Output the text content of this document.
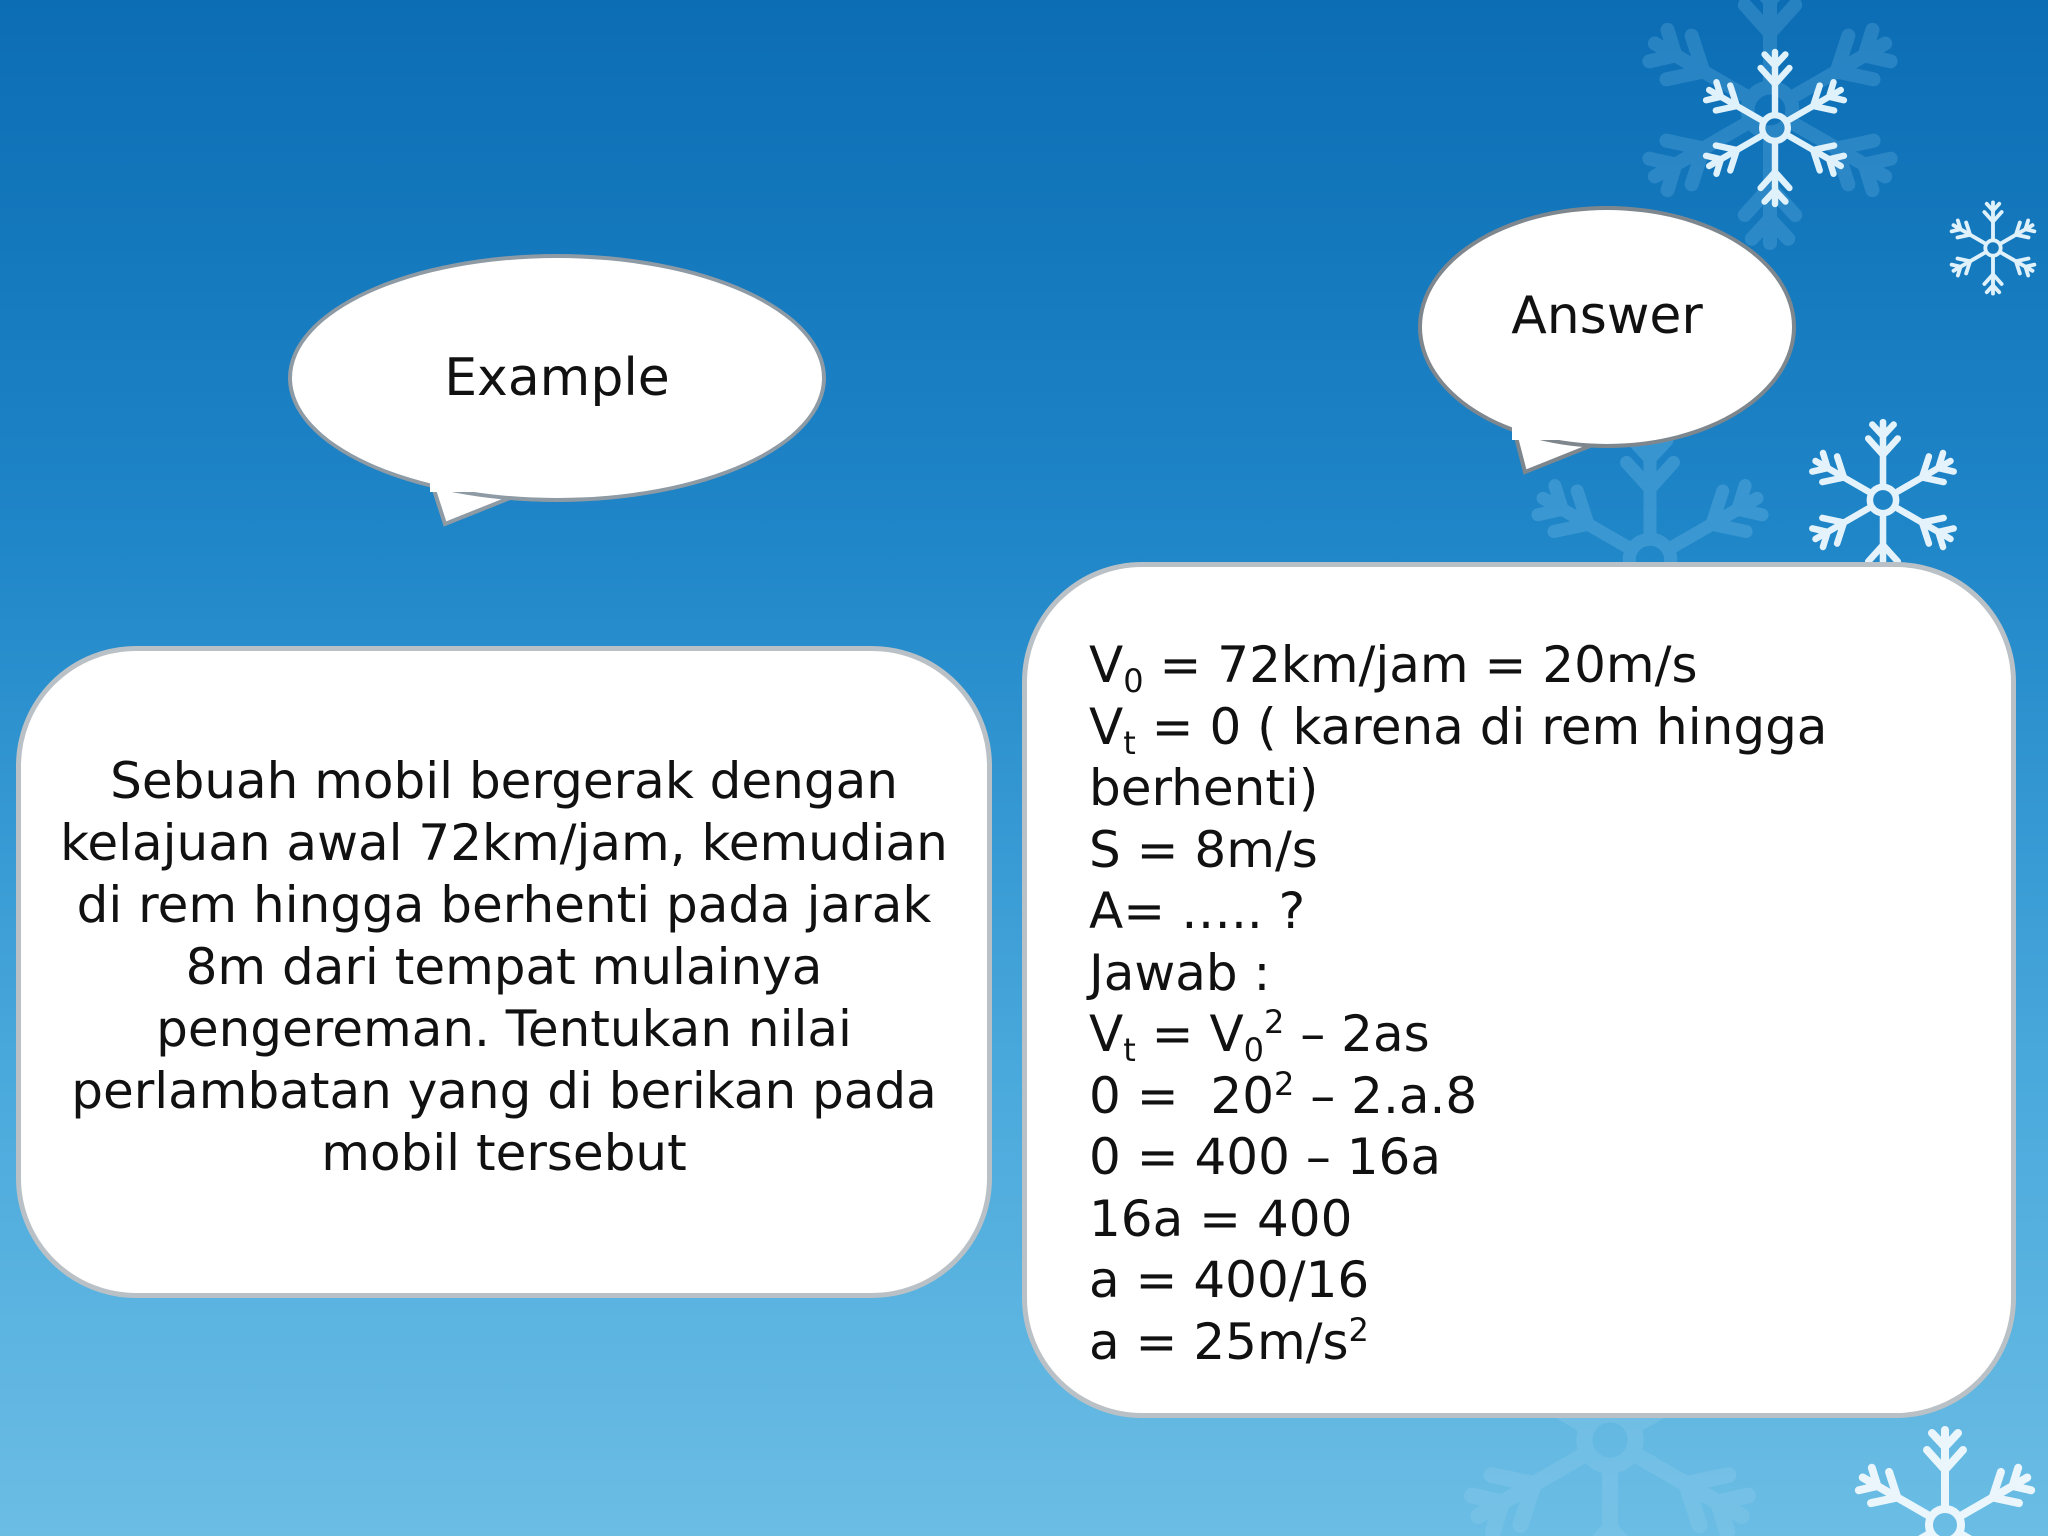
Example
Answer
Sebuah mobil bergerak dengan kelajuan awal 72km/jam, kemudian di rem hingga berhenti pada jarak 8m dari tempat mulainya pengereman. Tentukan nilai perlambatan yang di berikan pada mobil tersebut
$V_0 = 72km/jam = 20m/s$
$V_t = 0$ ( karena di rem hingga
berhenti)
S = 8m/s
A= ….. ?
Jawab :
$V_t = V_0^2 - 2as$
$0 = 20^2 - 2.a.8$
0 = 400 – 16a
16a = 400
a = 400/16
$a = 25m/s^2$
